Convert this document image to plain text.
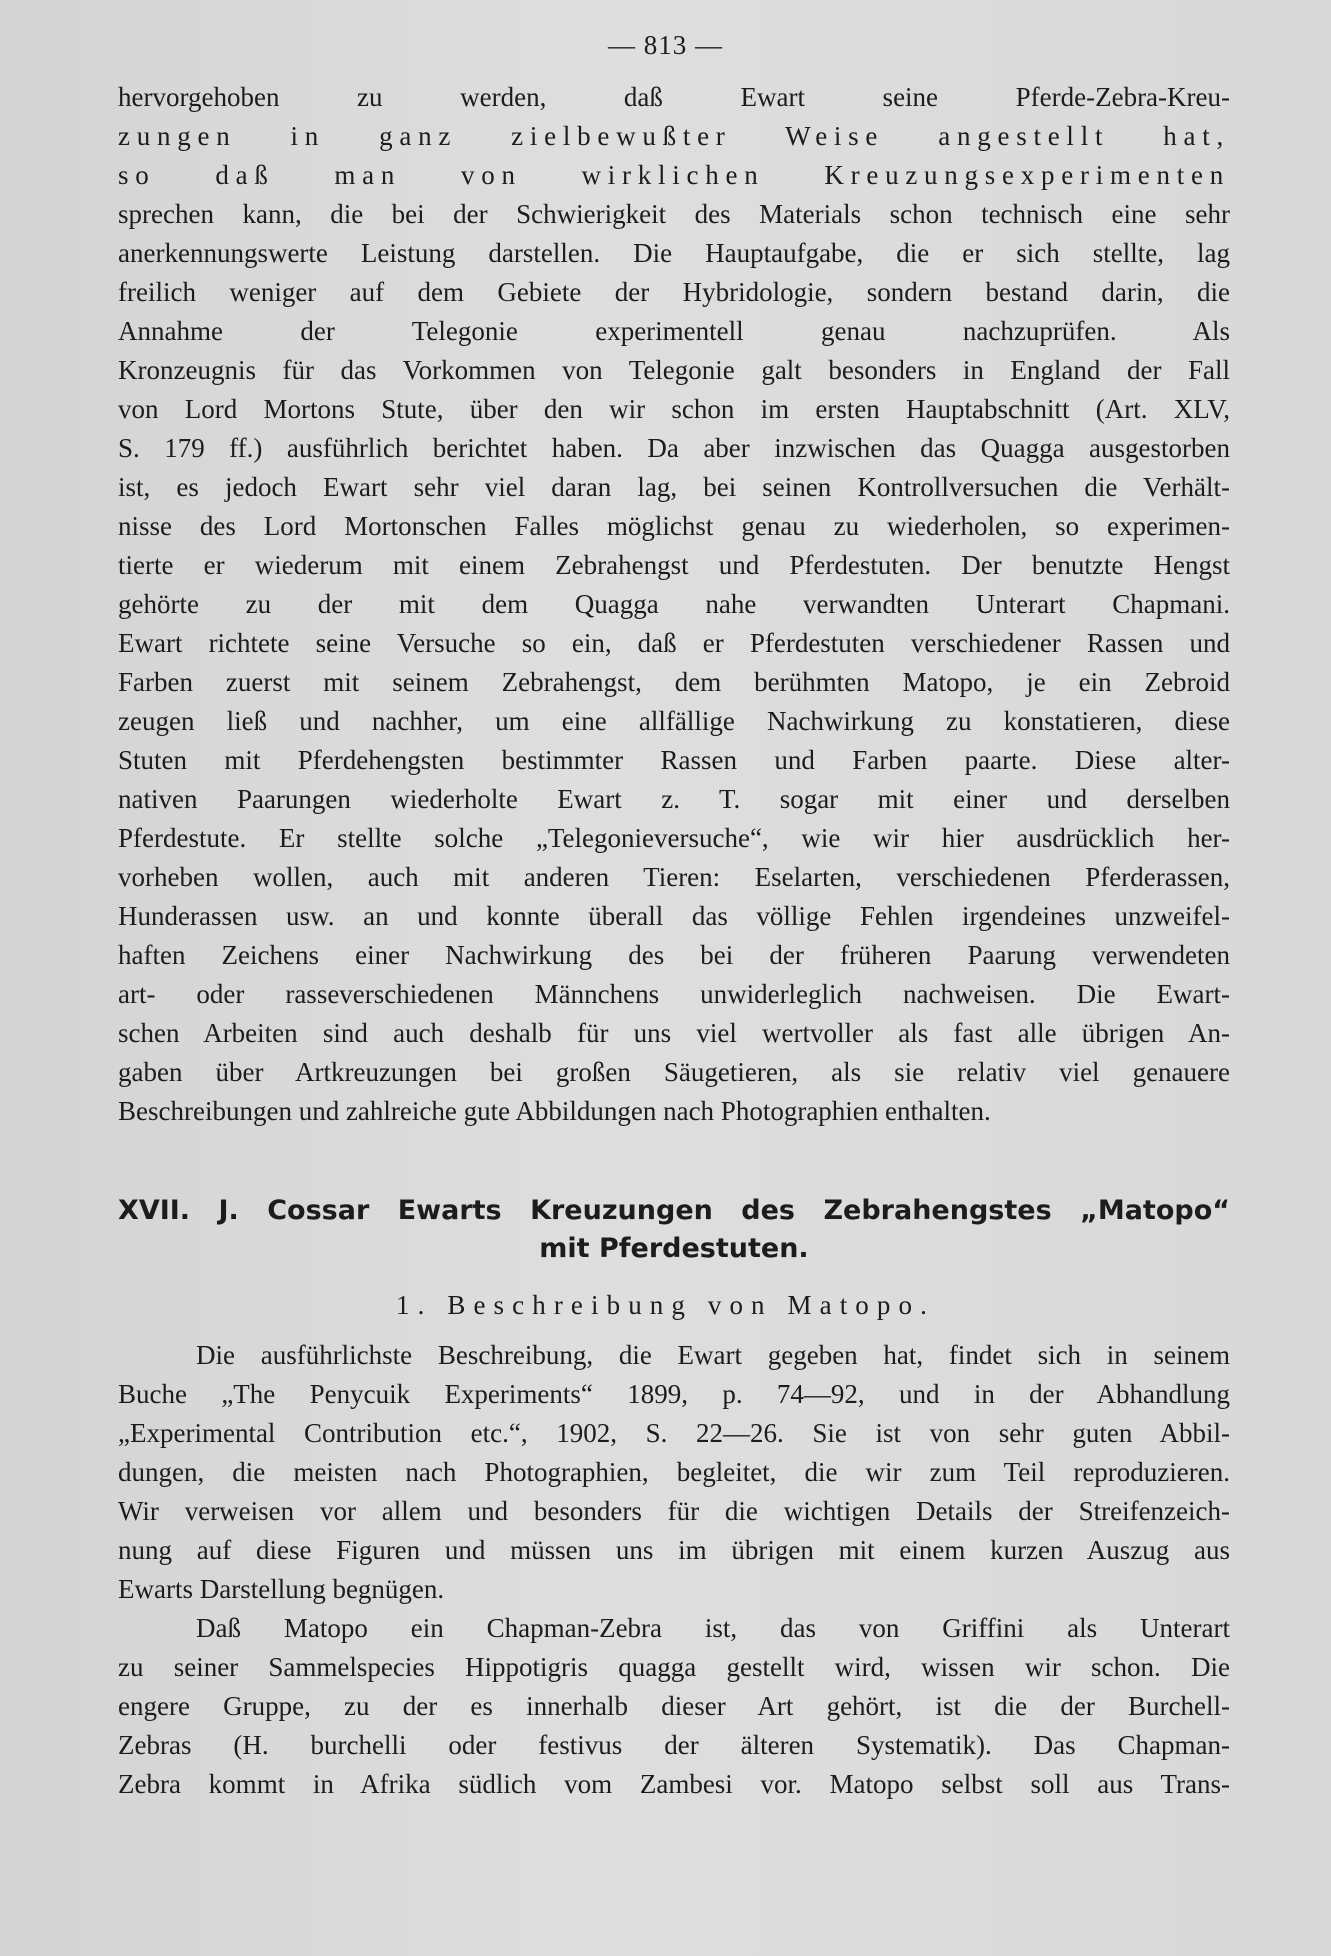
— 813 —
hervorgehoben zu werden, daß Ewart seine Pferde-Zebra-Kreu-
zungen in ganz zielbewußter Weise angestellt hat,
so daß man von wirklichen Kreuzungsexperimenten
sprechen kann, die bei der Schwierigkeit des Materials schon technisch eine sehr
anerkennungswerte Leistung darstellen. Die Hauptaufgabe, die er sich stellte, lag
freilich weniger auf dem Gebiete der Hybridologie, sondern bestand darin, die
Annahme der Telegonie experimentell genau nachzuprüfen. Als
Kronzeugnis für das Vorkommen von Telegonie galt besonders in England der Fall
von Lord Mortons Stute, über den wir schon im ersten Hauptabschnitt (Art. XLV,
S. 179 ff.) ausführlich berichtet haben. Da aber inzwischen das Quagga ausgestorben
ist, es jedoch Ewart sehr viel daran lag, bei seinen Kontrollversuchen die Verhält-
nisse des Lord Mortonschen Falles möglichst genau zu wiederholen, so experimen-
tierte er wiederum mit einem Zebrahengst und Pferdestuten. Der benutzte Hengst
gehörte zu der mit dem Quagga nahe verwandten Unterart Chapmani.
Ewart richtete seine Versuche so ein, daß er Pferdestuten verschiedener Rassen und
Farben zuerst mit seinem Zebrahengst, dem berühmten Matopo, je ein Zebroid
zeugen ließ und nachher, um eine allfällige Nachwirkung zu konstatieren, diese
Stuten mit Pferdehengsten bestimmter Rassen und Farben paarte. Diese alter-
nativen Paarungen wiederholte Ewart z. T. sogar mit einer und derselben
Pferdestute. Er stellte solche „Telegonieversuche“, wie wir hier ausdrücklich her-
vorheben wollen, auch mit anderen Tieren: Eselarten, verschiedenen Pferderassen,
Hunderassen usw. an und konnte überall das völlige Fehlen irgendeines unzweifel-
haften Zeichens einer Nachwirkung des bei der früheren Paarung verwendeten
art- oder rasseverschiedenen Männchens unwiderleglich nachweisen. Die Ewart-
schen Arbeiten sind auch deshalb für uns viel wertvoller als fast alle übrigen An-
gaben über Artkreuzungen bei großen Säugetieren, als sie relativ viel genauere
Beschreibungen und zahlreiche gute Abbildungen nach Photographien enthalten.
XVII. J. Cossar Ewarts Kreuzungen des Zebrahengstes „Matopo“
mit Pferdestuten.
1. Beschreibung von Matopo.
Die ausführlichste Beschreibung, die Ewart gegeben hat, findet sich in seinem
Buche „The Penycuik Experiments“ 1899, p. 74—92, und in der Abhandlung
„Experimental Contribution etc.“, 1902, S. 22—26. Sie ist von sehr guten Abbil-
dungen, die meisten nach Photographien, begleitet, die wir zum Teil reproduzieren.
Wir verweisen vor allem und besonders für die wichtigen Details der Streifenzeich-
nung auf diese Figuren und müssen uns im übrigen mit einem kurzen Auszug aus
Ewarts Darstellung begnügen.
Daß Matopo ein Chapman-Zebra ist, das von Griffini als Unterart
zu seiner Sammelspecies Hippotigris quagga gestellt wird, wissen wir schon. Die
engere Gruppe, zu der es innerhalb dieser Art gehört, ist die der Burchell-
Zebras (H. burchelli oder festivus der älteren Systematik). Das Chapman-
Zebra kommt in Afrika südlich vom Zambesi vor. Matopo selbst soll aus Trans-
